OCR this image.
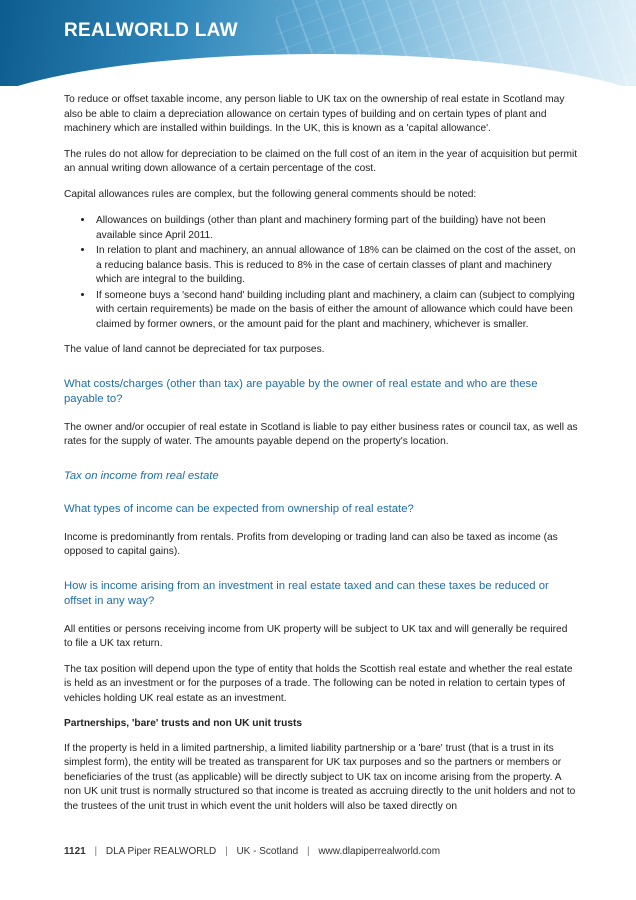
REALWORLD LAW

To reduce or offset taxable income, any person liable to UK tax on the ownership of real estate in Scotland may also be able to claim a depreciation allowance on certain types of building and on certain types of plant and machinery which are installed within buildings. In the UK, this is known as a 'capital allowance'.

The rules do not allow for depreciation to be claimed on the full cost of an item in the year of acquisition but permit an annual writing down allowance of a certain percentage of the cost.

Capital allowances rules are complex, but the following general comments should be noted:

• Allowances on buildings (other than plant and machinery forming part of the building) have not been available since April 2011.
• In relation to plant and machinery, an annual allowance of 18% can be claimed on the cost of the asset, on a reducing balance basis. This is reduced to 8% in the case of certain classes of plant and machinery which are integral to the building.
• If someone buys a 'second hand' building including plant and machinery, a claim can (subject to complying with certain requirements) be made on the basis of either the amount of allowance which could have been claimed by former owners, or the amount paid for the plant and machinery, whichever is smaller.

The value of land cannot be depreciated for tax purposes.

What costs/charges (other than tax) are payable by the owner of real estate and who are these payable to?

The owner and/or occupier of real estate in Scotland is liable to pay either business rates or council tax, as well as rates for the supply of water. The amounts payable depend on the property's location.

Tax on income from real estate
What types of income can be expected from ownership of real estate?

Income is predominantly from rentals. Profits from developing or trading land can also be taxed as income (as opposed to capital gains).

How is income arising from an investment in real estate taxed and can these taxes be reduced or offset in any way?

All entities or persons receiving income from UK property will be subject to UK tax and will generally be required to file a UK tax return.

The tax position will depend upon the type of entity that holds the Scottish real estate and whether the real estate is held as an investment or for the purposes of a trade. The following can be noted in relation to certain types of vehicles holding UK real estate as an investment.

Partnerships, 'bare' trusts and non UK unit trusts

If the property is held in a limited partnership, a limited liability partnership or a 'bare' trust (that is a trust in its simplest form), the entity will be treated as transparent for UK tax purposes and so the partners or members or beneficiaries of the trust (as applicable) will be directly subject to UK tax on income arising from the property. A non UK unit trust is normally structured so that income is treated as accruing directly to the unit holders and not to the trustees of the unit trust in which event the unit holders will also be taxed directly on

1121 | DLA Piper REALWORLD | UK - Scotland | www.dlapiperrealworld.com
